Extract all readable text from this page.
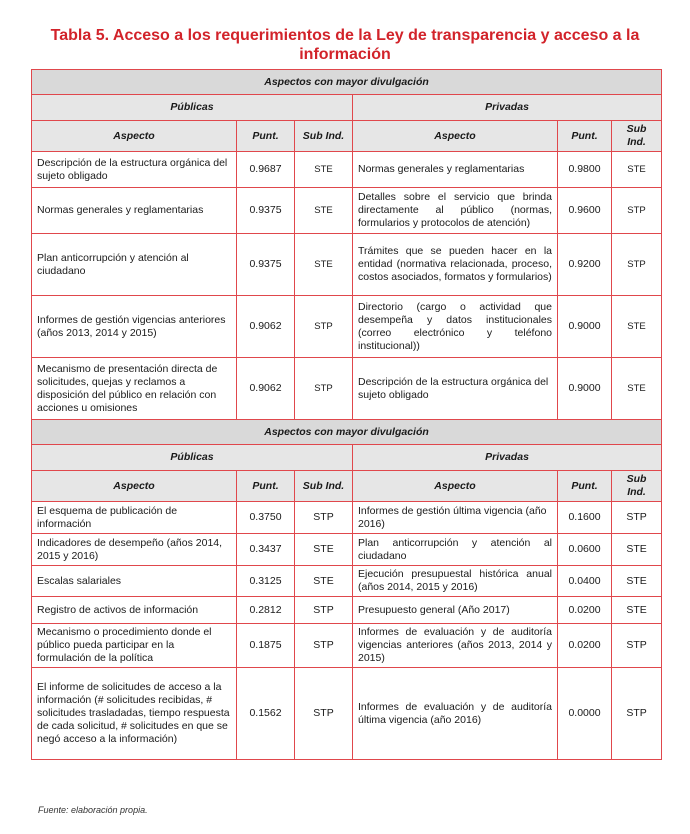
Tabla 5. Acceso a los requerimientos de la Ley de transparencia y acceso a la información
Aspectos con mayor divulgación					
Públicas			Privadas		
Aspecto	Punt.	Sub Ind.	Aspecto	Punt.	Sub Ind.
Descripción de la estructura orgánica del sujeto obligado	0.9687	STE	Normas generales y reglamentarias	0.9800	STE
Normas generales y reglamentarias	0.9375	STE	Detalles sobre el servicio que brinda directamente al público (normas, formularios y protocolos de atención)	0.9600	STP
Plan anticorrupción y atención al ciudadano	0.9375	STE	Trámites que se pueden hacer en la entidad (normativa relacionada, proceso, costos asociados, formatos y formularios)	0.9200	STP
Informes de gestión vigencias anteriores (años 2013, 2014 y 2015)	0.9062	STP	Directorio (cargo o actividad que desempeña y datos institucionales (correo electrónico y teléfono institucional))	0.9000	STE
Mecanismo de presentación directa de solicitudes, quejas y reclamos a disposición del público en relación con acciones u omisiones	0.9062	STP	Descripción de la estructura orgánica del sujeto obligado	0.9000	STE
Aspectos con mayor divulgación					
Públicas			Privadas		
Aspecto	Punt.	Sub Ind.	Aspecto	Punt.	Sub Ind.
El esquema de publicación de información	0.3750	STP	Informes de gestión última vigencia (año 2016)	0.1600	STP
Indicadores de desempeño (años 2014, 2015 y 2016)	0.3437	STE	Plan anticorrupción y atención al ciudadano	0.0600	STE
Escalas salariales	0.3125	STE	Ejecución presupuestal histórica anual (años 2014, 2015 y 2016)	0.0400	STE
Registro de activos de información	0.2812	STP	Presupuesto general (Año 2017)	0.0200	STE
Mecanismo o procedimiento donde el público pueda participar en la formulación de la política	0.1875	STP	Informes de evaluación y de auditoría vigencias anteriores (años 2013, 2014 y 2015)	0.0200	STP
El informe de solicitudes de acceso a la información (# solicitudes recibidas, # solicitudes trasladadas, tiempo respuesta de cada solicitud, # solicitudes en que se negó acceso a la información)	0.1562	STP	Informes de evaluación y de auditoría última vigencia (año 2016)	0.0000	STP
Fuente: elaboración propia.
